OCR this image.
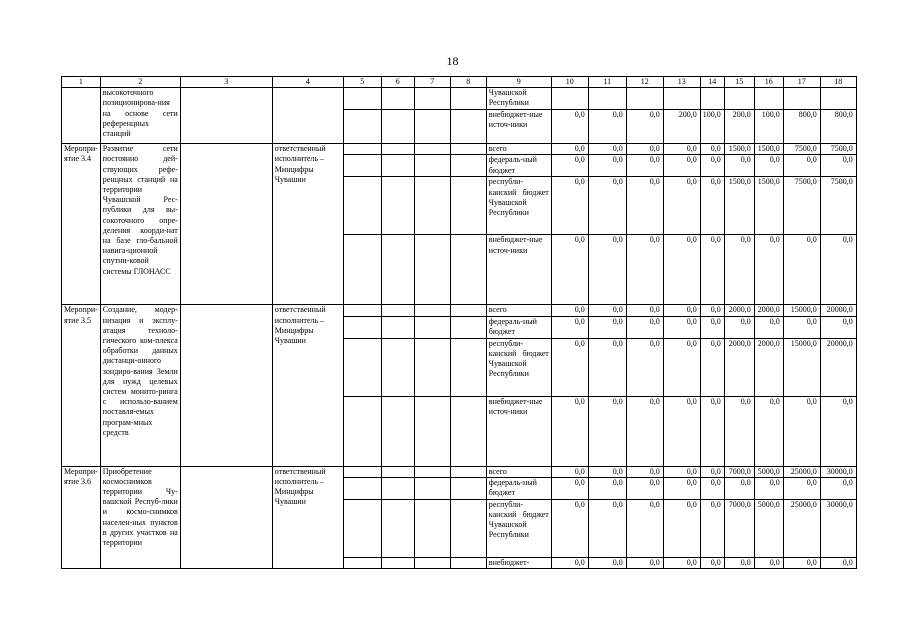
18
1	2	3	4	5	6	7	8	9	10	11	12	13	14	15	16	17	18
	высокоточного позиционирова-ния на основе сети референцных станций							Чувашской Республики									
								внебюджет-ные источ-ники	0,0	0,0	0,0	200,0	100,0	200,0	100,0	800,0	800,0
Меропри-ятие 3.4	Развитие сети постоянно дей-ствующих рефе-ренцных станций на территории Чувашской Рес-публики для вы-сокоточного опре-деления коорди-нат на базе гло-бальной навига-ционной спутни-ковой системы ГЛОНАСС		ответственный исполнитель – Минцифры Чувашии					всего	0,0	0,0	0,0	0,0	0,0	1500,0	1500,0	7500,0	7500,0
								федераль-ный бюджет	0,0	0,0	0,0	0,0	0,0	0,0	0,0	0,0	0,0
								республи-канский бюджет Чувашской Республики	0,0	0,0	0,0	0,0	0,0	1500,0	1500,0	7500,0	7500,0
								внебюджет-ные источ-ники	0,0	0,0	0,0	0,0	0,0	0,0	0,0	0,0	0,0
Меропри-ятие 3.5	Создание, модер-низация и эксплу-атация техноло-гического ком-плекса обработки данных дистанци-онного зондиро-вания Земли для нужд целевых систем монито-ринга с использо-ванием поставля-емых програм-мных средств		ответственный исполнитель – Минцифры Чувашии					всего	0,0	0,0	0,0	0,0	0,0	2000,0	2000,0	15000,0	20000,0
								федераль-ный бюджет	0,0	0,0	0,0	0,0	0,0	0,0	0,0	0,0	0,0
								республи-канский бюджет Чувашской Республики	0,0	0,0	0,0	0,0	0,0	2000,0	2000,0	15000,0	20000,0
								внебюджет-ные источ-ники	0,0	0,0	0,0	0,0	0,0	0,0	0,0	0,0	0,0
Меропри-ятие 3.6	Приобретение космоснимков территории Чу-вашской Респуб-лики и космо-снимков населен-ных пунктов в других участков на территории		ответственный исполнитель – Минцифры Чувашии					всего	0,0	0,0	0,0	0,0	0,0	7000,0	5000,0	25000,0	30000,0
								федераль-ный бюджет	0,0	0,0	0,0	0,0	0,0	0,0	0,0	0,0	0,0
								республи-канский бюджет Чувашской Республики	0,0	0,0	0,0	0,0	0,0	7000,0	5000,0	25000,0	30000,0
								внебюджет-	0,0	0,0	0,0	0,0	0,0	0,0	0,0	0,0	0,0
